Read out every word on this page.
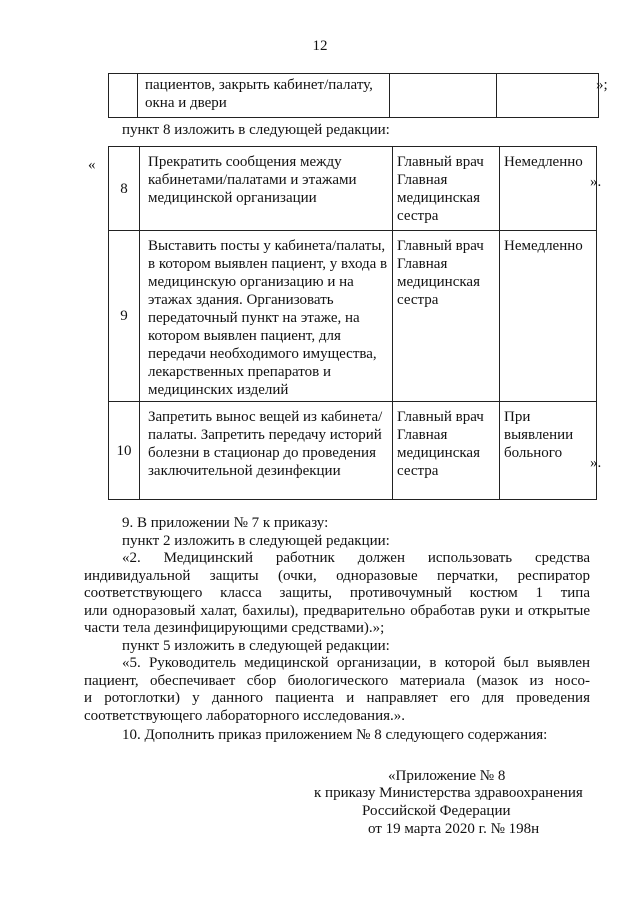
12
	пациентов, закрыть кабинет/палату, окна и двери		
»;
пункт 8 изложить в следующей редакции:
«
8	Прекратить сообщения между кабинетами/палатами и этажами медицинской организации	Главный врач Главная медицинская сестра	Немедленно
9	Выставить посты у кабинета/палаты, в котором выявлен пациент, у входа в медицинскую организацию и на этажах здания. Организовать передаточный пункт на этаже, на котором выявлен пациент, для передачи необходимого имущества, лекарственных препаратов и медицинских изделий	Главный врач Главная медицинская сестра	Немедленно
10	Запретить вынос вещей из кабинета/палаты. Запретить передачу историй болезни в стационар до проведения заключительной дезинфекции	Главный врач Главная медицинская сестра	При выявлении больного
».
».
9. В приложении № 7 к приказу:
пункт 2 изложить в следующей редакции:
«2. Медицинский работник должен использовать средства
индивидуальной защиты (очки, одноразовые перчатки, респиратор
соответствующего класса защиты, противочумный костюм 1 типа
или одноразовый халат, бахилы), предварительно обработав руки и открытые
части тела дезинфицирующими средствами).»;
пункт 5 изложить в следующей редакции:
«5. Руководитель медицинской организации, в которой был выявлен
пациент, обеспечивает сбор биологического материала (мазок из носо-
и ротоглотки) у данного пациента и направляет его для проведения
соответствующего лабораторного исследования.».
10. Дополнить приказ приложением № 8 следующего содержания:
«Приложение № 8
к приказу Министерства здравоохранения
Российской Федерации
от 19 марта 2020 г. № 198н
